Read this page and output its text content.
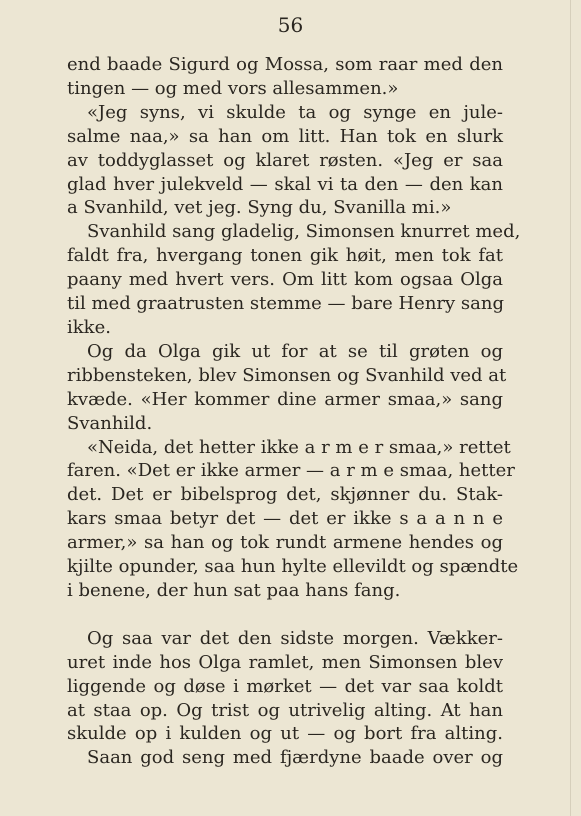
56
end baade Sigurd og Mossa, som raar med den
tingen — og med vors allesammen.»
«Jeg syns, vi skulde ta og synge en jule-
salme naa,» sa han om litt. Han tok en slurk
av toddyglasset og klaret røsten. «Jeg er saa
glad hver julekveld — skal vi ta den — den kan
a Svanhild, vet jeg. Syng du, Svanilla mi.»
Svanhild sang gladelig, Simonsen knurret med,
faldt fra, hvergang tonen gik høit, men tok fat
paany med hvert vers. Om litt kom ogsaa Olga
til med graatrusten stemme — bare Henry sang
ikke.
Og da Olga gik ut for at se til grøten og
ribbensteken, blev Simonsen og Svanhild ved at
kvæde. «Her kommer dine armer smaa,» sang
Svanhild.
«Neida, det hetter ikke a r m e r smaa,» rettet
faren. «Det er ikke armer — a r m e smaa, hetter
det. Det er bibelsprog det, skjønner du. Stak-
kars smaa betyr det — det er ikke s a a n n e
armer,» sa han og tok rundt armene hendes og
kjilte opunder, saa hun hylte ellevildt og spændte
i benene, der hun sat paa hans fang.
Og saa var det den sidste morgen. Vækker-
uret inde hos Olga ramlet, men Simonsen blev
liggende og døse i mørket — det var saa koldt
at staa op. Og trist og utrivelig alting. At han
skulde op i kulden og ut — og bort fra alting.
Saan god seng med fjærdyne baade over og
